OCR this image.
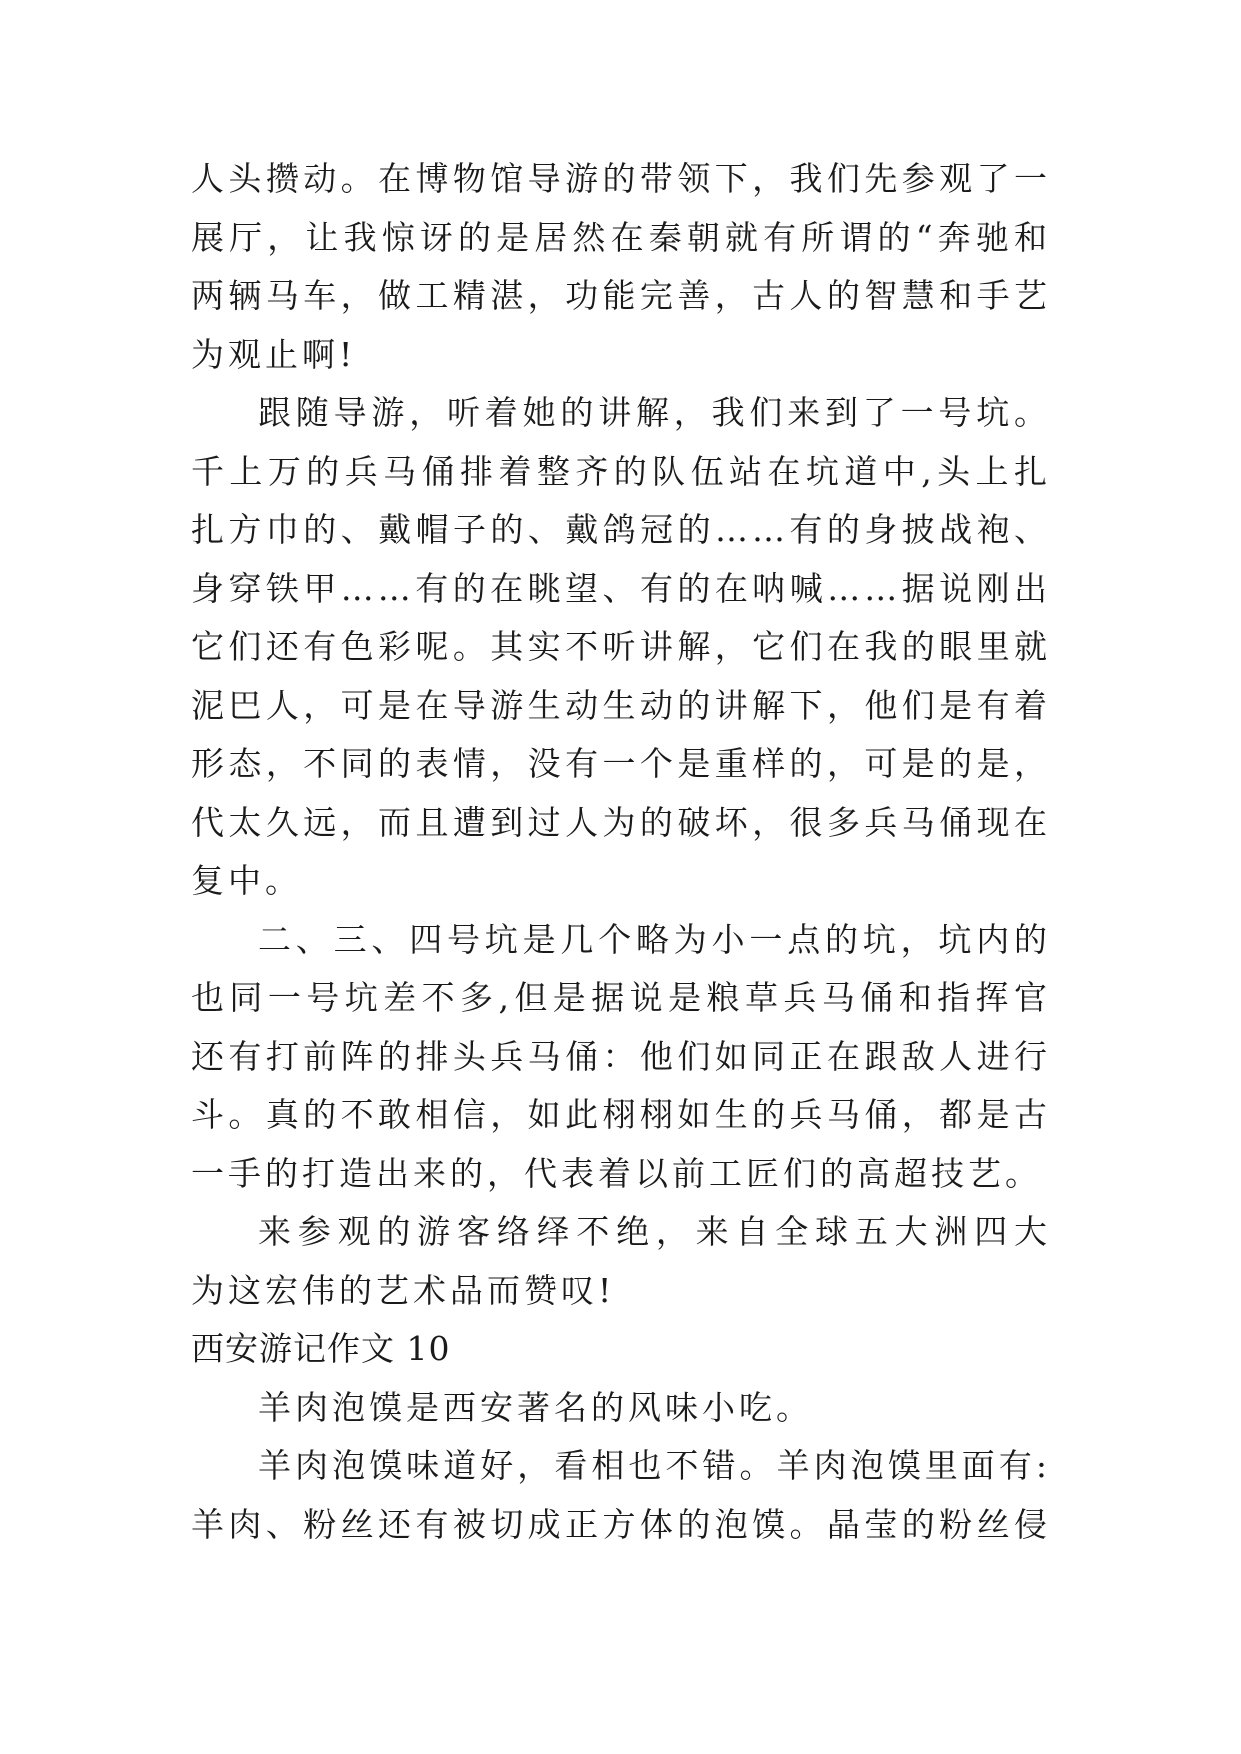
人头攒动。在博物馆导游的带领下，我们先参观了一
展厅，让我惊讶的是居然在秦朝就有所谓的“奔驰和
两辆马车，做工精湛，功能完善，古人的智慧和手艺
为观止啊!
跟随导游，听着她的讲解，我们来到了一号坑。
千上万的兵马俑排着整齐的队伍站在坑道中,头上扎
扎方巾的、戴帽子的、戴鸽冠的……有的身披战袍、
身穿铁甲……有的在眺望、有的在呐喊……据说刚出
它们还有色彩呢。其实不听讲解，它们在我的眼里就
泥巴人，可是在导游生动生动的讲解下，他们是有着
形态，不同的表情，没有一个是重样的，可是的是，
代太久远，而且遭到过人为的破坏，很多兵马俑现在
复中。
二、三、四号坑是几个略为小一点的坑，坑内的
也同一号坑差不多,但是据说是粮草兵马俑和指挥官
还有打前阵的排头兵马俑：他们如同正在跟敌人进行
斗。真的不敢相信，如此栩栩如生的兵马俑，都是古
一手的打造出来的，代表着以前工匠们的高超技艺。
来参观的游客络绎不绝，来自全球五大洲四大
为这宏伟的艺术品而赞叹!
西安游记作文 10
羊肉泡馍是西安著名的风味小吃。
羊肉泡馍味道好，看相也不错。羊肉泡馍里面有:
羊肉、粉丝还有被切成正方体的泡馍。晶莹的粉丝侵
